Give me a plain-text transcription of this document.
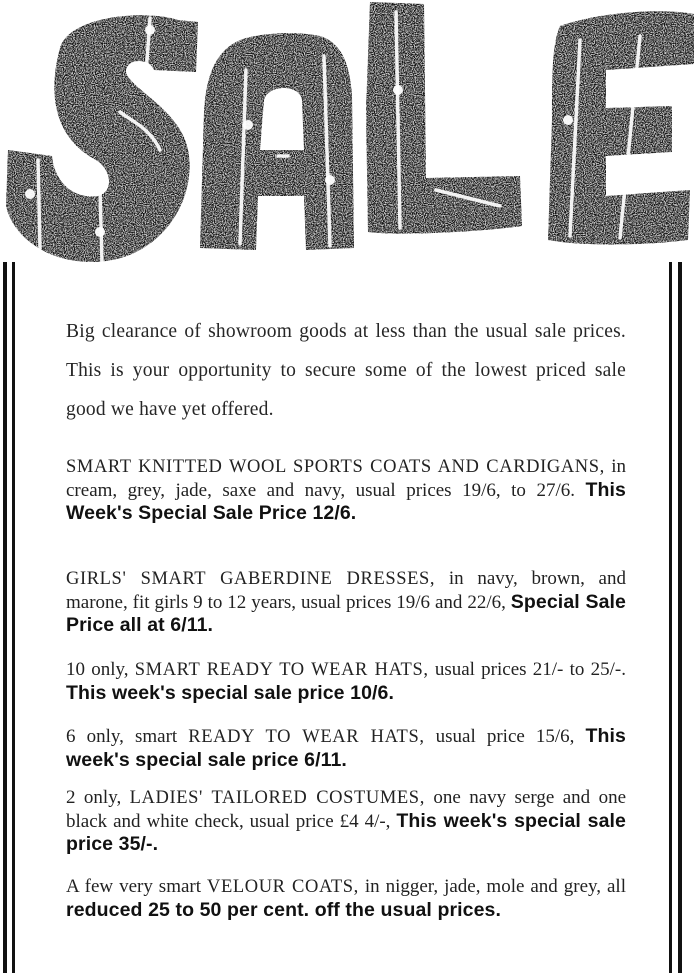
Big clearance of showroom goods at less than the usual sale prices. This is your opportunity to secure some of the lowest priced sale good we have yet offered.

SMART KNITTED WOOL SPORTS COATS AND CARDIGANS, in cream, grey, jade, saxe and navy, usual prices 19/6, to 27/6. This Week's Special Sale Price 12/6.
GIRLS' SMART GABERDINE DRESSES, in navy, brown, and marone, fit girls 9 to 12 years, usual prices 19/6 and 22/6, Special Sale Price all at 6/11.
10 only, SMART READY TO WEAR HATS, usual prices 21/- to 25/-. This week's special sale price 10/6.
6 only, smart READY TO WEAR HATS, usual price 15/6, This week's special sale price 6/11.
2 only, LADIES' TAILORED COSTUMES, one navy serge and one black and white check, usual price £4 4/-, This week's special sale price 35/-.
A few very smart VELOUR COATS, in nigger, jade, mole and grey, all reduced 25 to 50 per cent. off the usual prices.
